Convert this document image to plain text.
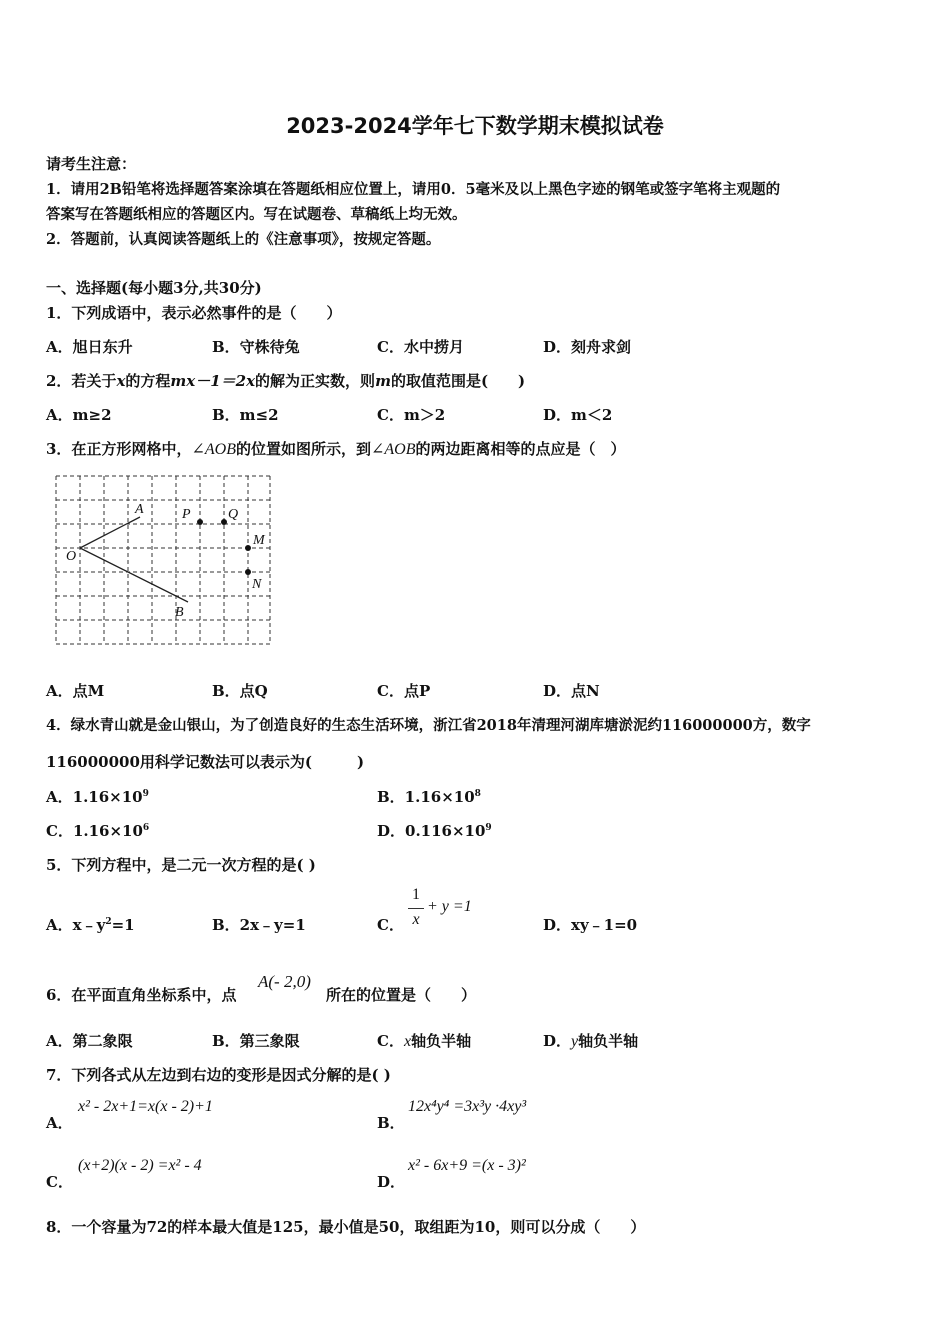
2023-2024学年七下数学期末模拟试卷
请考生注意：
1．请用2B铅笔将选择题答案涂填在答题纸相应位置上，请用0．5毫米及以上黑色字迹的钢笔或签字笔将主观题的
答案写在答题纸相应的答题区内。写在试题卷、草稿纸上均无效。
2．答题前，认真阅读答题纸上的《注意事项》，按规定答题。
一、选择题(每小题3分,共30分)
1．下列成语中，表示必然事件的是（　　）
A．旭日东升	B．守株待兔	C．水中捞月	D．刻舟求剑
2．若关于x的方程mx－1＝2x的解为正实数，则m的取值范围是(　　)
A．m≥2	B．m≤2	C．m＞2	D．m＜2
3．在正方形网格中，∠AOB的位置如图所示，到∠AOB的两边距离相等的点应是（　）
A
B
O
P	Q
M
N
A．点M	B．点Q	C．点P	D．点N
4．绿水青山就是金山银山，为了创造良好的生态生活环境，浙江省2018年清理河湖库塘淤泥约116000000方，数字
116000000用科学记数法可以表示为(　　　)
A．$1.16\times 10^9$	B．$1.16\times 10^8$
C．$1.16\times 10^6$	D．$0.116\times 10^9$
5．下列方程中，是二元一次方程的是( )
A．$x﹣y^2=1$	B．2x﹣y=1	C．
1
x
+ y =1
D．xy﹣1=0
6．在平面直角坐标系中，点
A(- 2,0)
所在的位置是（　　）
A．第二象限	B．第三象限	C．x轴负半轴	D．y轴负半轴
7．下列各式从左边到右边的变形是因式分解的是( )
A．
x² - 2x+1=x(x - 2)+1
B．
12x⁴y⁴ =3x³y ·4xy³
C．
(x+2)(x - 2) =x² - 4
D．
x² - 6x+9 =(x - 3)²
8．一个容量为72的样本最大值是125，最小值是50，取组距为10，则可以分成（　　）
